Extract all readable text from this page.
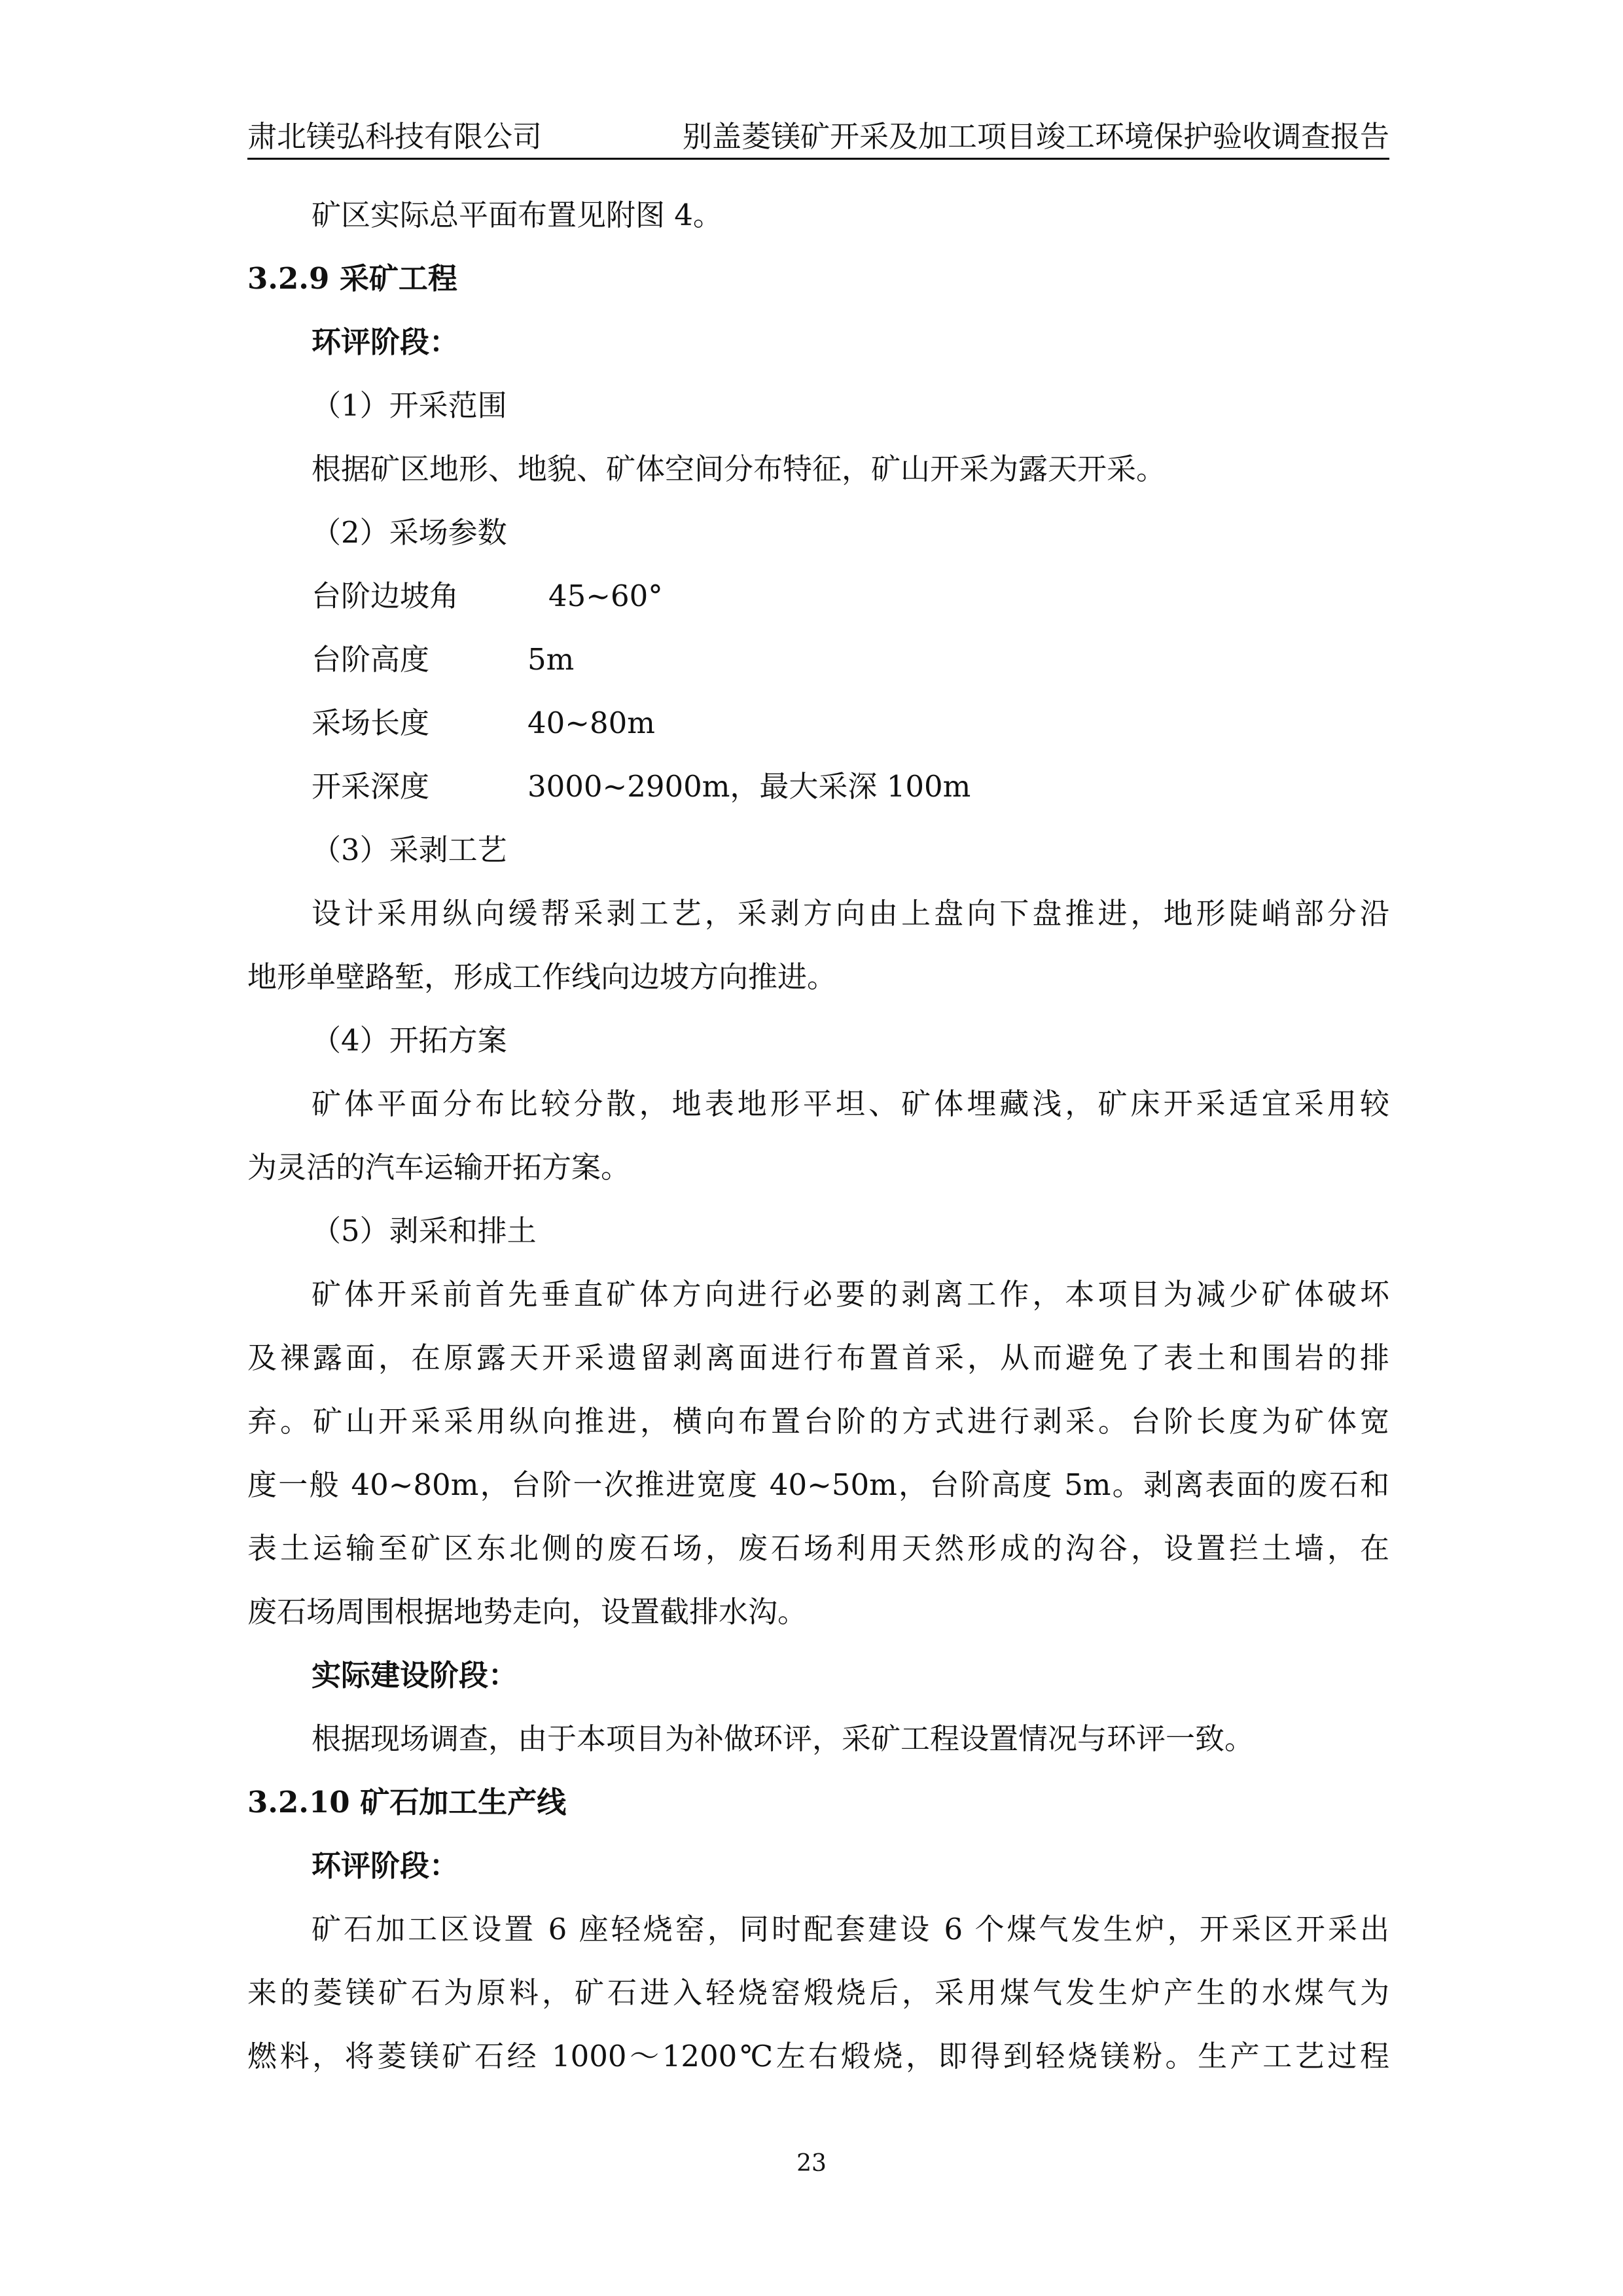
肃北镁弘科技有限公司	别盖菱镁矿开采及加工项目竣工环境保护验收调查报告
矿区实际总平面布置见附图 4。
3.2.9 采矿工程
环评阶段：
（1）开采范围
根据矿区地形、地貌、矿体空间分布特征，矿山开采为露天开采。
（2）采场参数
台阶边坡角	45~60°
台阶高度	5m
采场长度	40~80m
开采深度	3000~2900m，最大采深 100m
（3）采剥工艺
设计采用纵向缓帮采剥工艺，采剥方向由上盘向下盘推进，地形陡峭部分沿
地形单壁路堑，形成工作线向边坡方向推进。
（4）开拓方案
矿体平面分布比较分散，地表地形平坦、矿体埋藏浅，矿床开采适宜采用较
为灵活的汽车运输开拓方案。
（5）剥采和排土
矿体开采前首先垂直矿体方向进行必要的剥离工作，本项目为减少矿体破坏
及裸露面，在原露天开采遗留剥离面进行布置首采，从而避免了表土和围岩的排
弃。矿山开采采用纵向推进，横向布置台阶的方式进行剥采。台阶长度为矿体宽
度一般 40~80m，台阶一次推进宽度 40~50m，台阶高度 5m。剥离表面的废石和
表土运输至矿区东北侧的废石场，废石场利用天然形成的沟谷，设置拦土墙，在
废石场周围根据地势走向，设置截排水沟。
实际建设阶段：
根据现场调查，由于本项目为补做环评，采矿工程设置情况与环评一致。
3.2.10 矿石加工生产线
环评阶段：
矿石加工区设置 6 座轻烧窑，同时配套建设 6 个煤气发生炉，开采区开采出
来的菱镁矿石为原料，矿石进入轻烧窑煅烧后，采用煤气发生炉产生的水煤气为
燃料，将菱镁矿石经 1000～1200℃左右煅烧，即得到轻烧镁粉。生产工艺过程
23
